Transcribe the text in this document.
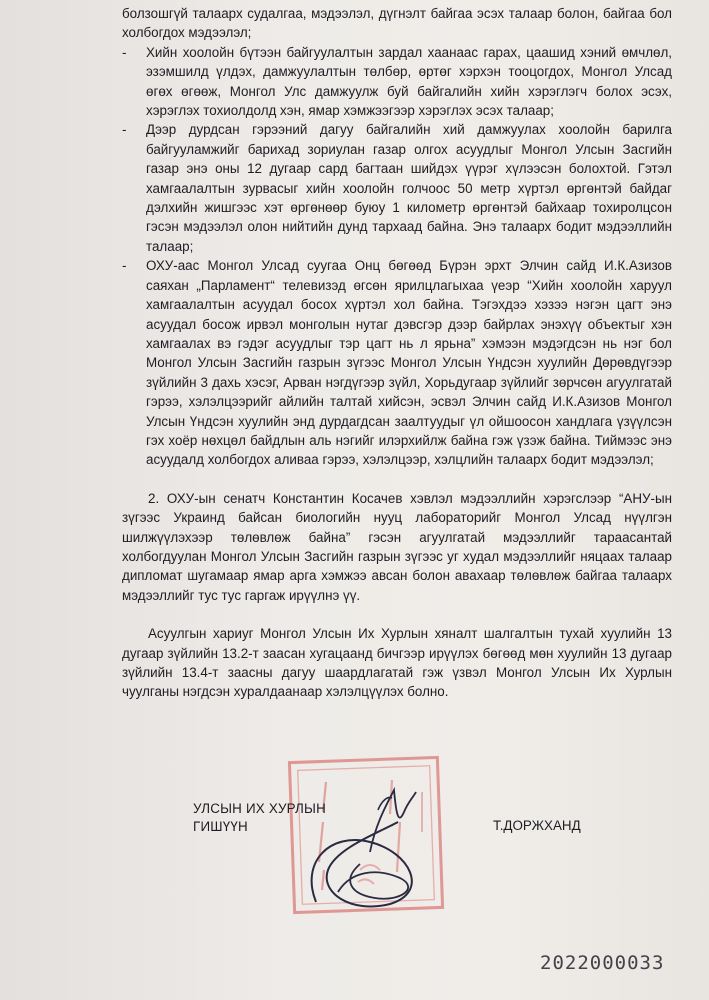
болзошгүй талаарх судалгаа, мэдээлэл, дүгнэлт байгаа эсэх талаар болон, байгаа бол холбогдох мэдээлэл;

- Хийн хоолойн бүтээн байгуулалтын зардал хаанаас гарах, цаашид хэний өмчлөл, эзэмшилд үлдэх, дамжуулалтын төлбөр, өртөг хэрхэн тооцогдох, Монгол Улсад өгөх өгөөж, Монгол Улс дамжуулж буй байгалийн хийн хэрэглэгч болох эсэх, хэрэглэх тохиолдолд хэн, ямар хэмжээгээр хэрэглэх эсэх талаар;

- Дээр дурдсан гэрээний дагуу байгалийн хий дамжуулах хоолойн барилга байгууламжийг барихад зориулан газар олгох асуудлыг Монгол Улсын Засгийн газар энэ оны 12 дугаар сард багтаан шийдэх үүрэг хүлээсэн болохтой. Гэтэл хамгаалалтын зурвасыг хийн хоолойн голчоос 50 метр хүртэл өргөнтэй байдаг дэлхийн жишгээс хэт өргөнөөр буюу 1 километр өргөнтэй байхаар тохиролцсон гэсэн мэдээлэл олон нийтийн дунд тархаад байна. Энэ талаарх бодит мэдээллийн талаар;

- ОХУ-аас Монгол Улсад суугаа Онц бөгөөд Бүрэн эрхт Элчин сайд И.К.Азизов саяхан „Парламент“ телевизэд өгсөн ярилцлагыхаа үеэр “Хийн хоолойн харуул хамгаалалтын асуудал босох хүртэл хол байна. Тэгэхдээ хэзээ нэгэн цагт энэ асуудал босож ирвэл монголын нутаг дэвсгэр дээр байрлах энэхүү объектыг хэн хамгаалах вэ гэдэг асуудлыг тэр цагт нь л ярьна” хэмээн мэдэгдсэн нь нэг бол Монгол Улсын Засгийн газрын зүгээс Монгол Улсын Үндсэн хуулийн Дөрөвдүгээр зүйлийн 3 дахь хэсэг, Арван нэгдүгээр зүйл, Хорьдугаар зүйлийг зөрчсөн агуулгатай гэрээ, хэлэлцээрийг айлийн талтай хийсэн, эсвэл Элчин сайд И.К.Азизов Монгол Улсын Үндсэн хуулийн энд дурдагдсан заалтуудыг үл ойшоосон хандлага үзүүлсэн гэх хоёр нөхцөл байдлын аль нэгийг илэрхийлж байна гэж үзэж байна. Тиймээс энэ асуудалд холбогдох аливаа гэрээ, хэлэлцээр, хэлцлийн талаарх бодит мэдээлэл;

2. ОХУ-ын сенатч Константин Косачев хэвлэл мэдээллийн хэрэгслээр “АНУ-ын зүгээс Украинд байсан биологийн нууц лабораторийг Монгол Улсад нүүлгэн шилжүүлэхээр төлөвлөж байна” гэсэн агуулгатай мэдээллийг тараасантай холбогдуулан Монгол Улсын Засгийн газрын зүгээс уг худал мэдээллийг няцаах талаар дипломат шугамаар ямар арга хэмжээ авсан болон авахаар төлөвлөж байгаа талаарх мэдээллийг тус тус гаргаж ирүүлнэ үү.

Асуулгын хариуг Монгол Улсын Их Хурлын хяналт шалгалтын тухай хуулийн 13 дугаар зүйлийн 13.2-т заасан хугацаанд бичгээр ирүүлэх бөгөөд мөн хуулийн 13 дугаар зүйлийн 13.4-т заасны дагуу шаардлагатай гэж үзвэл Монгол Улсын Их Хурлын чуулганы нэгдсэн хуралдаанаар хэлэлцүүлэх болно.

УЛСЫН ИХ ХУРЛЫН
ГИШҮҮН	Т.ДОРЖХАНД
2022000033
